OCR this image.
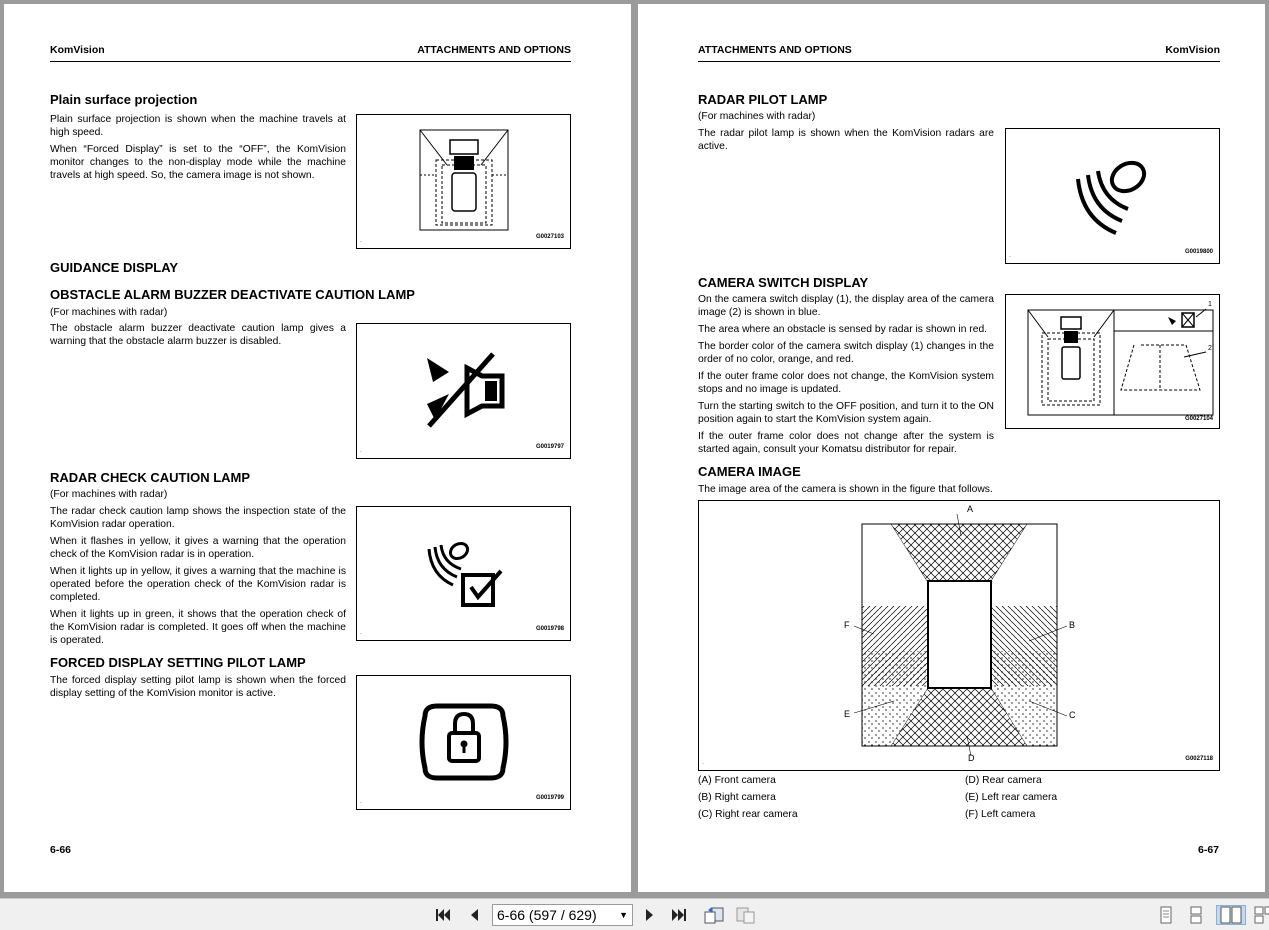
KomVision	ATTACHMENTS AND OPTIONS
Plain surface projection

Plain surface projection is shown when the machine travels at high speed.

When “Forced Display” is set to the “OFF”, the KomVision monitor changes to the non-display mode while the machine travels at high speed. So, the camera image is not shown.

G0027103
·
GUIDANCE DISPLAY
OBSTACLE ALARM BUZZER DEACTIVATE CAUTION LAMP
(For machines with radar)

The obstacle alarm buzzer deactivate caution lamp gives a warning that the obstacle alarm buzzer is disabled.

G0019797
·
RADAR CHECK CAUTION LAMP
(For machines with radar)

The radar check caution lamp shows the inspection state of the KomVision radar operation.

When it flashes in yellow, it gives a warning that the operation check of the KomVision radar is in operation.

When it lights up in yellow, it gives a warning that the machine is operated before the operation check of the KomVision radar is completed.

When it lights up in green, it shows that the operation check of the KomVision radar is completed. It goes off when the machine is operated.

G0019798
·
FORCED DISPLAY SETTING PILOT LAMP

The forced display setting pilot lamp is shown when the forced display setting of the KomVision monitor is active.

G0019799
·
6-66
ATTACHMENTS AND OPTIONS	KomVision
RADAR PILOT LAMP
(For machines with radar)

The radar pilot lamp is shown when the KomVision radars are active.

G0019800
·
CAMERA SWITCH DISPLAY

On the camera switch display (1), the display area of the camera image (2) is shown in blue.

The area where an obstacle is sensed by radar is shown in red.

The border color of the camera switch display (1) changes in the order of no color, orange, and red.

If the outer frame color does not change, the KomVision system stops and no image is updated.

Turn the starting switch to the OFF position, and turn it to the ON position again to start the KomVision system again.

If the outer frame color does not change after the system is started again, consult your Komatsu distributor for repair.

1
2
G0027104
CAMERA IMAGE

The image area of the camera is shown in the figure that follows.

A
B
C
D
E
F
G0027118
·
(A) Front camera
(B) Right camera
(C) Right rear camera
(D) Rear camera
(E) Left rear camera
(F) Left camera
6-67
6-66 (597 / 629) ▼
